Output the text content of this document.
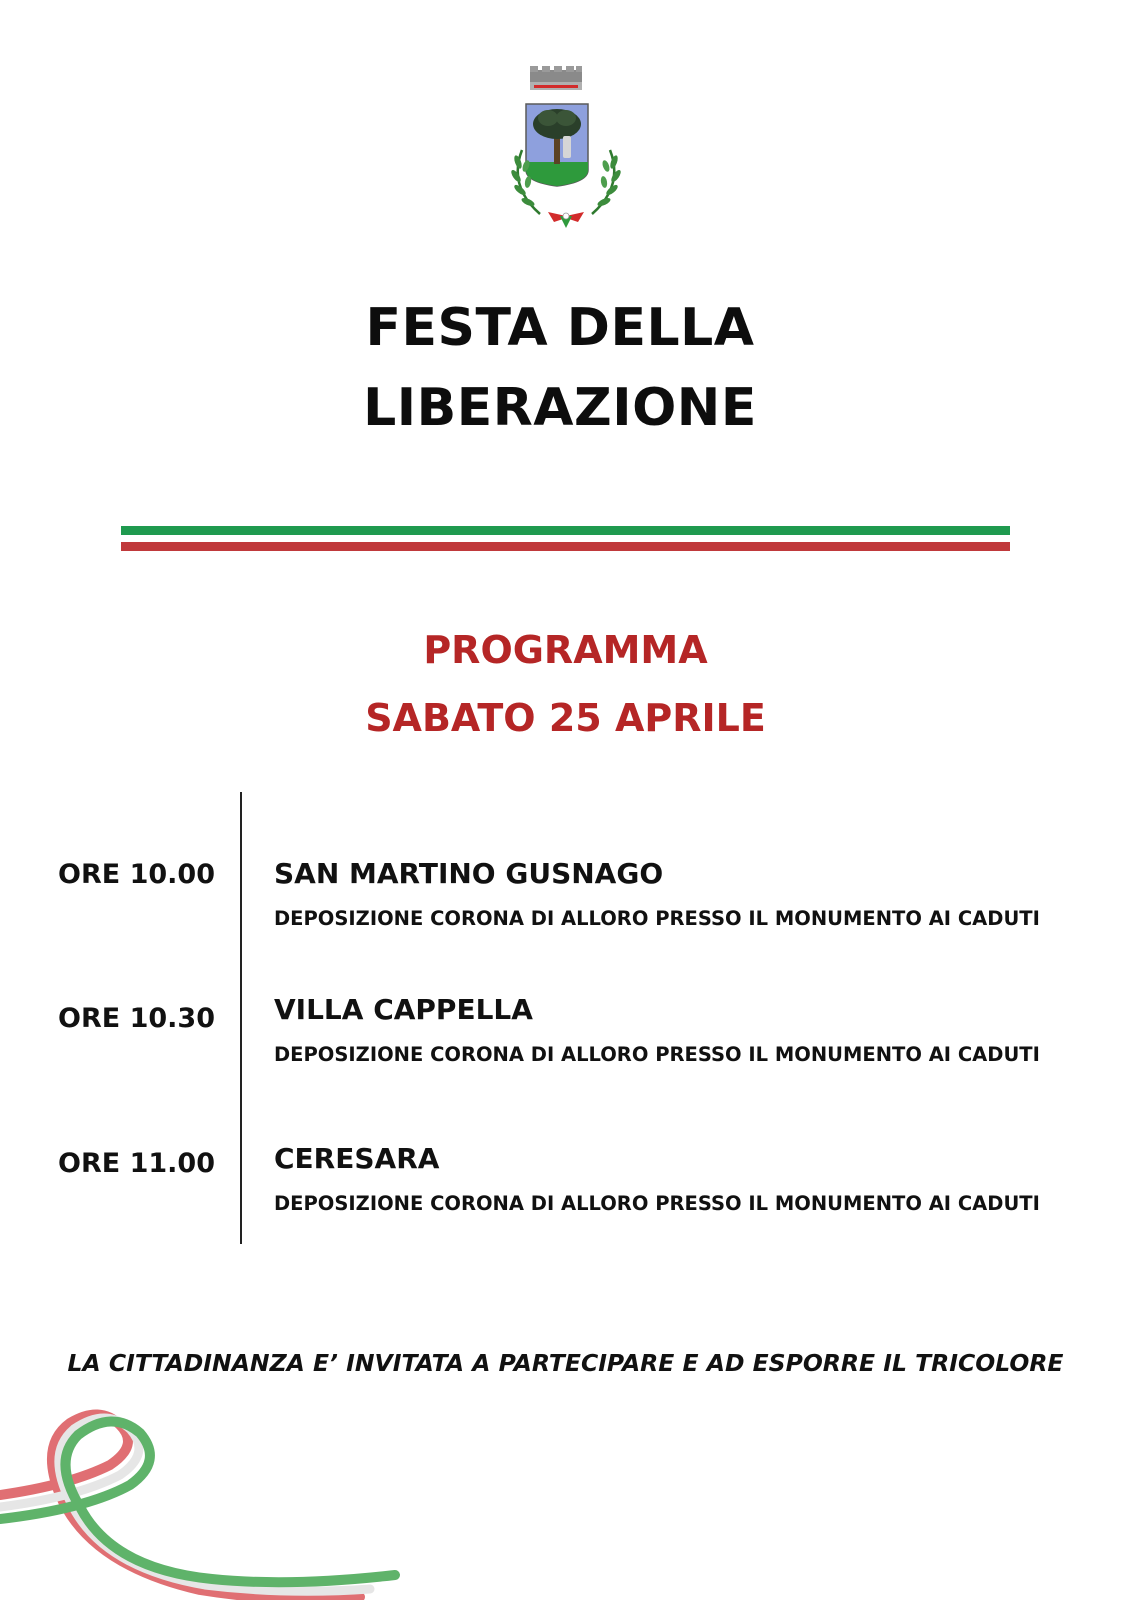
FESTA DELLA
LIBERAZIONE
PROGRAMMA
SABATO 25 APRILE
ORE 10.00 SAN MARTINO GUSNAGO
DEPOSIZIONE CORONA DI ALLORO PRESSO IL MONUMENTO AI CADUTI
ORE 10.30 VILLA CAPPELLA
DEPOSIZIONE CORONA DI ALLORO PRESSO IL MONUMENTO AI CADUTI
ORE 11.00 CERESARA
DEPOSIZIONE CORONA DI ALLORO PRESSO IL MONUMENTO AI CADUTI
LA CITTADINANZA E’ INVITATA A PARTECIPARE E AD ESPORRE IL TRICOLORE
